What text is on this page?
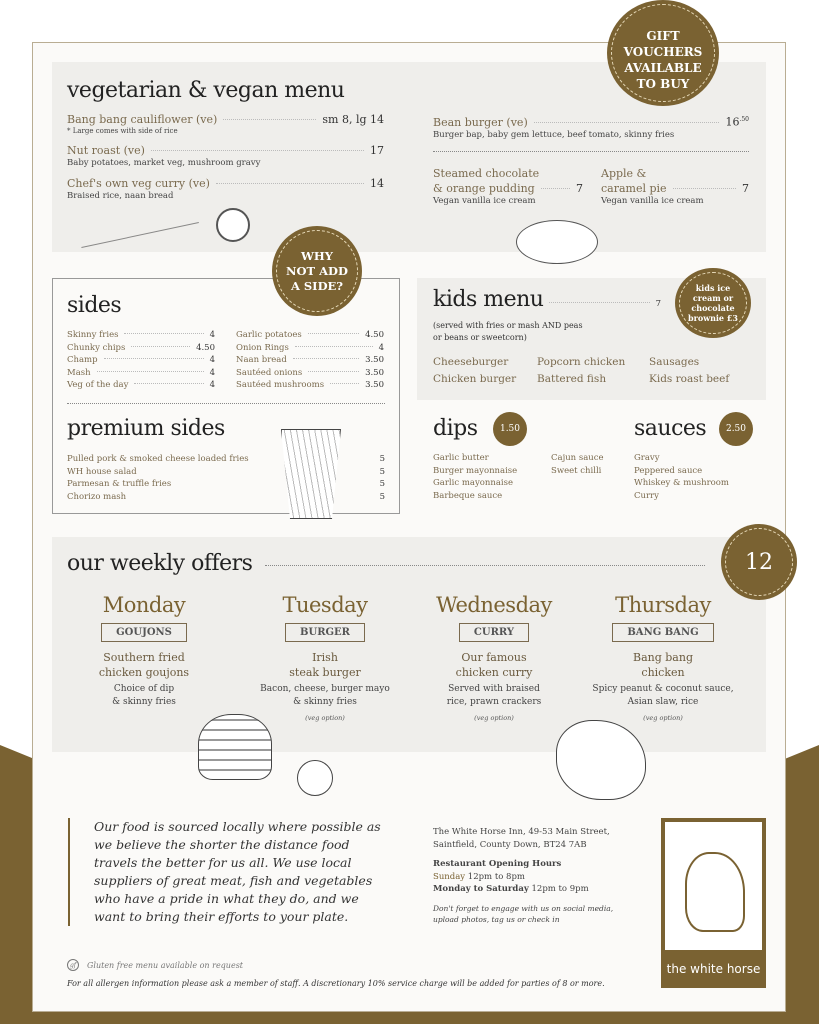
vegetarian & vegan menu
Bang bang cauliflower (ve)	sm 8, lg 14
* Large comes with side of rice
Nut roast (ve)	17
Baby potatoes, market veg, mushroom gravy
Chef's own veg curry (ve)	14
Braised rice, naan bread
Bean burger (ve)	$16^{.50}$
Burger bap, baby gem lettuce, beef tomato, skinny fries
Steamed chocolate
& orange pudding	7
Vegan vanilla ice cream
Apple &
caramel pie	7
Vegan vanilla ice cream
GIFT VOUCHERS AVAILABLE TO BUY
sides
Skinny fries	4
Chunky chips	4.50
Champ	4
Mash	4
Veg of the day	4
Garlic potatoes	4.50
Onion Rings	4
Naan bread	3.50
Sautéed onions	3.50
Sautéed mushrooms	3.50
premium sides
Pulled pork & smoked cheese loaded fries	5
WH house salad	5
Parmesan & truffle fries	5
Chorizo mash	5
WHY NOT ADD A SIDE?
kids menu	7
(served with fries or mash AND peas or beans or sweetcorn)
Cheeseburger	Popcorn chicken	Sausages
Chicken burger	Battered fish	Kids roast beef
kids ice cream or chocolate brownie £3
dips 1.50
Garlic butter
Burger mayonnaise
Garlic mayonnaise
Barbeque sauce
Cajun sauce
Sweet chilli
sauces 2.50
Gravy
Peppered sauce
Whiskey & mushroom
Curry
our weekly offers
Monday
GOUJONS
Southern fried
chicken goujons
Choice of dip
& skinny fries
Tuesday
BURGER
Irish
steak burger
Bacon, cheese, burger mayo
& skinny fries
(veg option)
Wednesday
CURRY
Our famous
chicken curry
Served with braised
rice, prawn crackers
(veg option)
Thursday
BANG BANG
Bang bang
chicken
Spicy peanut & coconut sauce,
Asian slaw, rice
(veg option)
12
Our food is sourced locally where possible as we believe the shorter the distance food travels the better for us all. We use local suppliers of great meat, fish and vegetables who have a pride in what they do, and we want to bring their efforts to your plate.
The White Horse Inn, 49-53 Main Street,
Saintfield, County Down, BT24 7AB
Restaurant Opening Hours
Sunday 12pm to 8pm
Monday to Saturday 12pm to 9pm
Don't forget to engage with us on social media, upload photos, tag us or check in
the white horse
gf	Gluten free menu available on request
For all allergen information please ask a member of staff. A discretionary 10% service charge will be added for parties of 8 or more.
